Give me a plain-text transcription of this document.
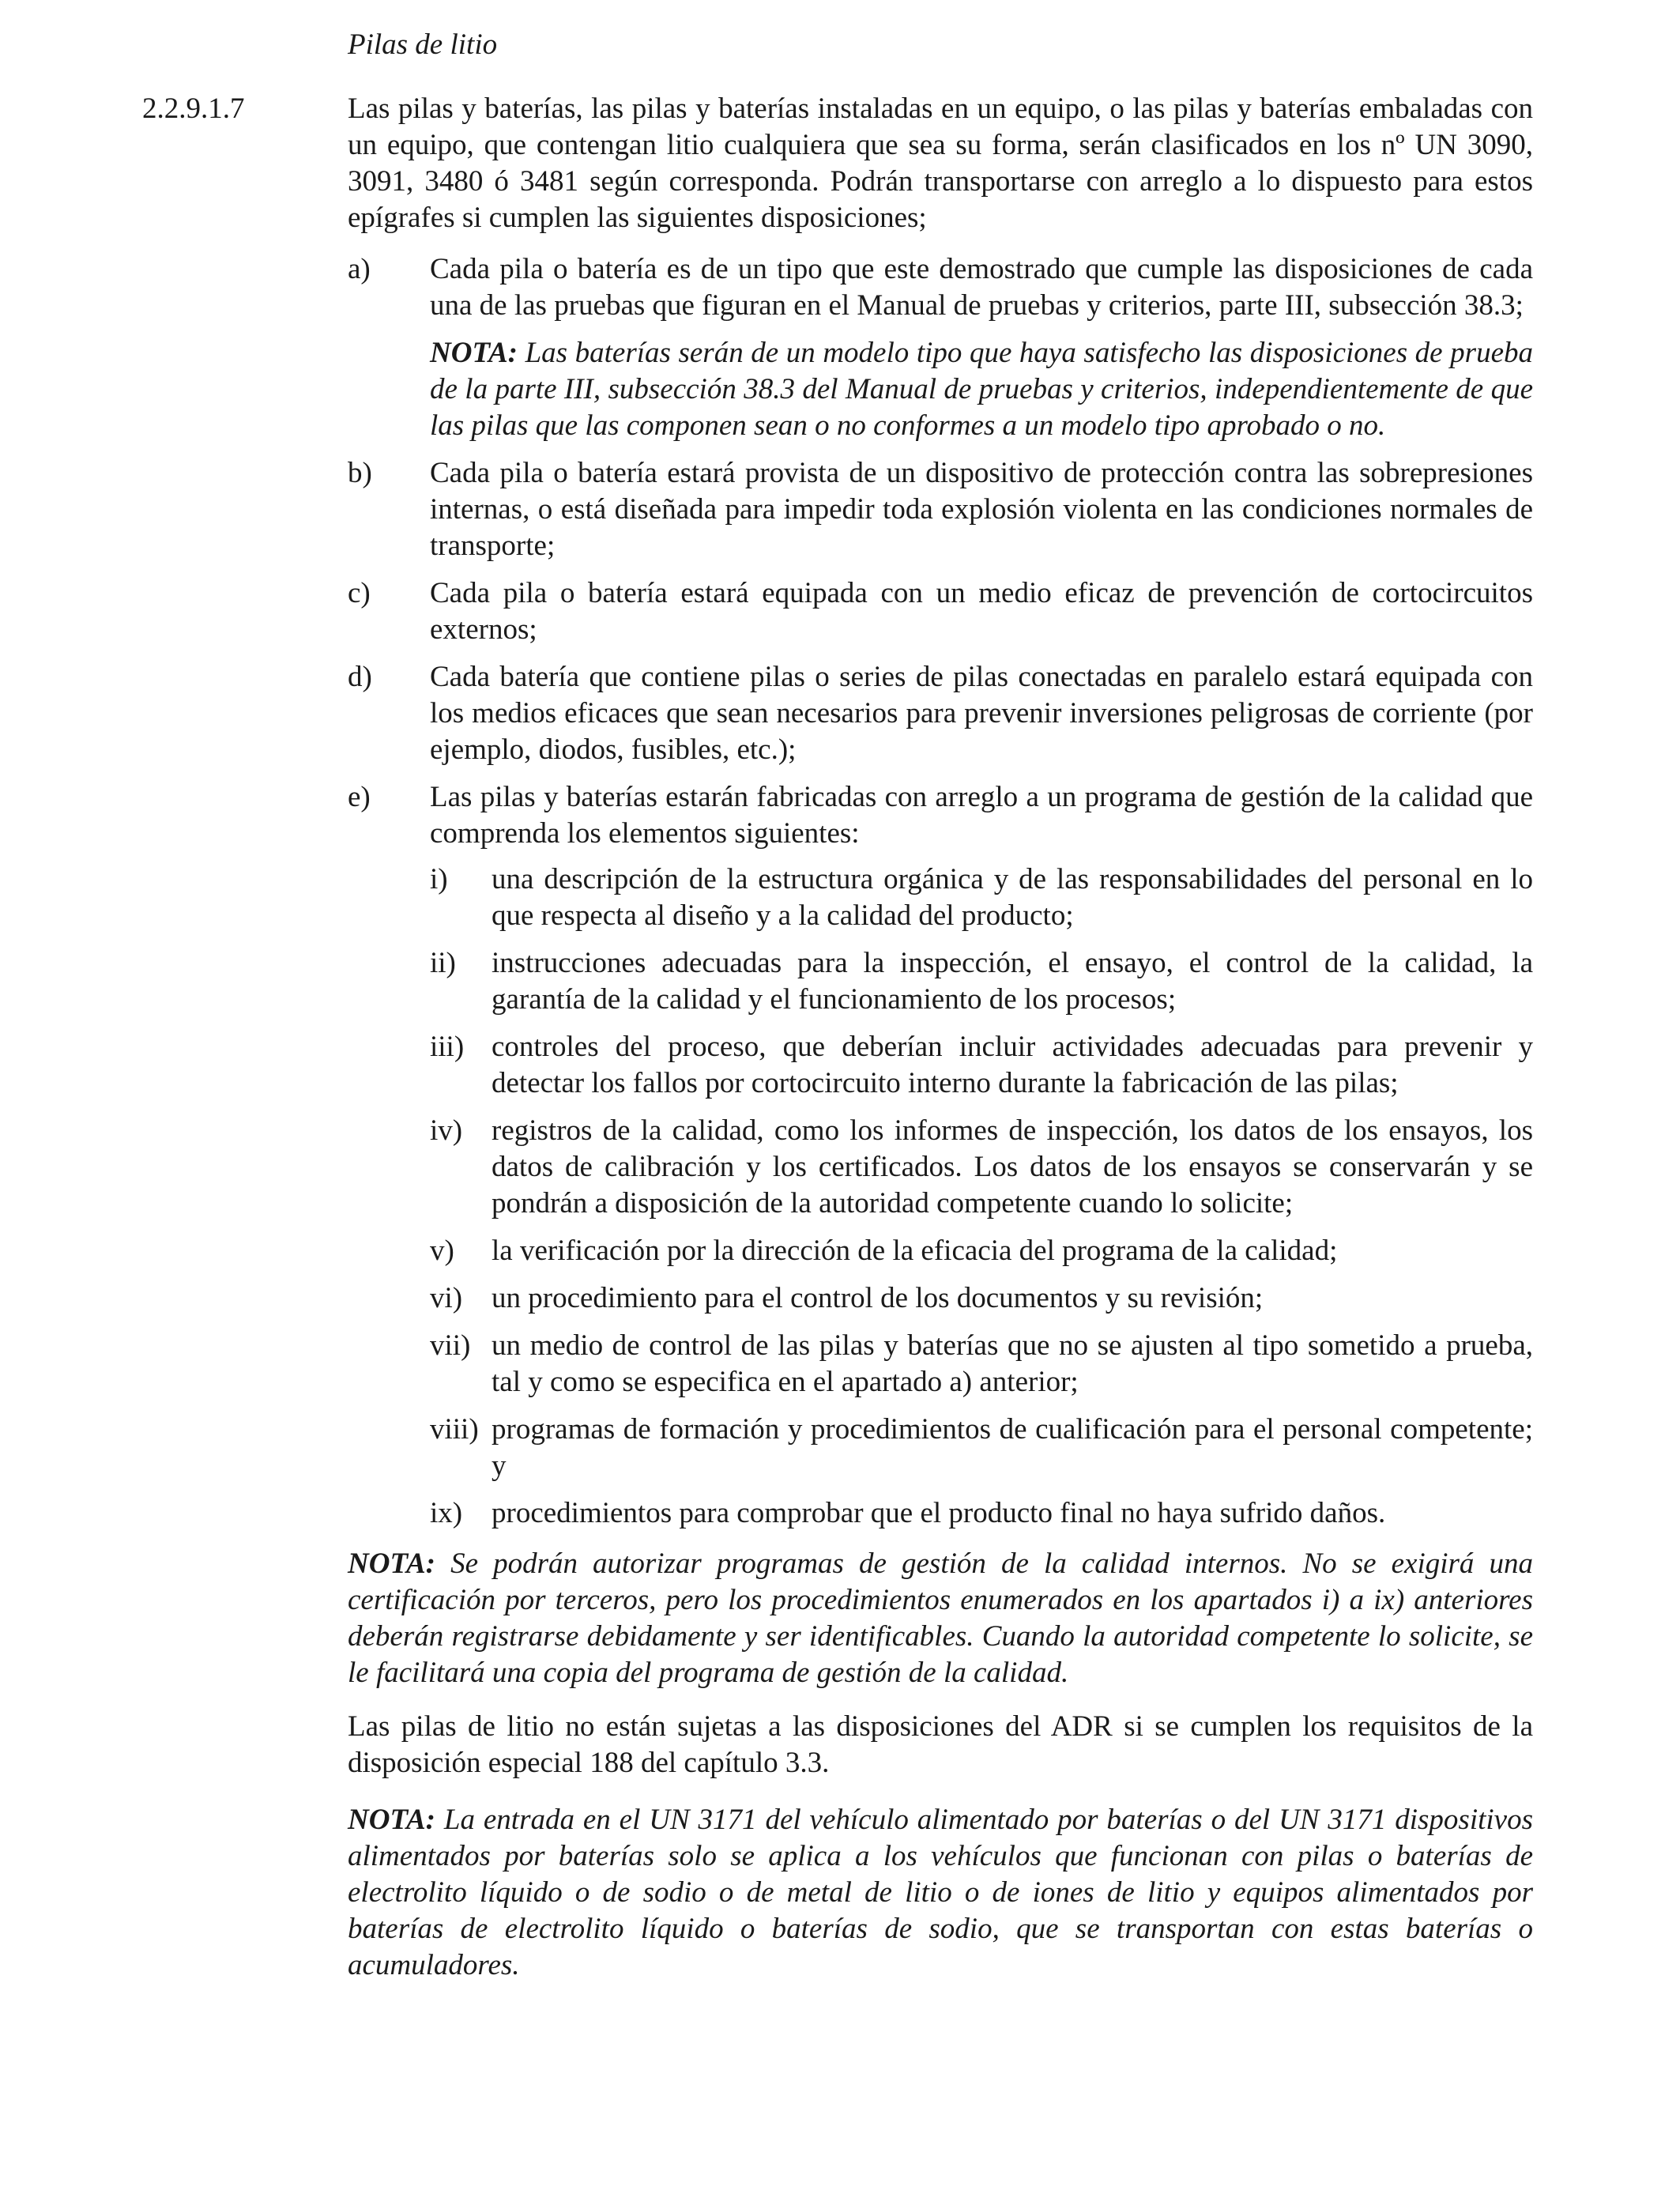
Pilas de litio
2.2.9.1.7	Las pilas y baterías, las pilas y baterías instaladas en un equipo, o las pilas y baterías embaladas con un equipo, que contengan litio cualquiera que sea su forma, serán clasificados en los nº UN 3090, 3091, 3480 ó 3481 según corresponda. Podrán transportarse con arreglo a lo dispuesto para estos epígrafes si cumplen las siguientes disposiciones;
a) Cada pila o batería es de un tipo que este demostrado que cumple las disposiciones de cada una de las pruebas que figuran en el Manual de pruebas y criterios, parte III, subsección 38.3;
NOTA: Las baterías serán de un modelo tipo que haya satisfecho las disposiciones de prueba de la parte III, subsección 38.3 del Manual de pruebas y criterios, independientemente de que las pilas que las componen sean o no conformes a un modelo tipo aprobado o no.
b) Cada pila o batería estará provista de un dispositivo de protección contra las sobrepresiones internas, o está diseñada para impedir toda explosión violenta en las condiciones normales de transporte;
c) Cada pila o batería estará equipada con un medio eficaz de prevención de cortocircuitos externos;
d) Cada batería que contiene pilas o series de pilas conectadas en paralelo estará equipada con los medios eficaces que sean necesarios para prevenir inversiones peligrosas de corriente (por ejemplo, diodos, fusibles, etc.);
e) Las pilas y baterías estarán fabricadas con arreglo a un programa de gestión de la calidad que comprenda los elementos siguientes:
i) una descripción de la estructura orgánica y de las responsabilidades del personal en lo que respecta al diseño y a la calidad del producto;
ii) instrucciones adecuadas para la inspección, el ensayo, el control de la calidad, la garantía de la calidad y el funcionamiento de los procesos;
iii) controles del proceso, que deberían incluir actividades adecuadas para prevenir y detectar los fallos por cortocircuito interno durante la fabricación de las pilas;
iv) registros de la calidad, como los informes de inspección, los datos de los ensayos, los datos de calibración y los certificados. Los datos de los ensayos se conservarán y se pondrán a disposición de la autoridad competente cuando lo solicite;
v) la verificación por la dirección de la eficacia del programa de la calidad;
vi) un procedimiento para el control de los documentos y su revisión;
vii) un medio de control de las pilas y baterías que no se ajusten al tipo sometido a prueba, tal y como se especifica en el apartado a) anterior;
viii) programas de formación y procedimientos de cualificación para el personal competente; y
ix) procedimientos para comprobar que el producto final no haya sufrido daños.
NOTA: Se podrán autorizar programas de gestión de la calidad internos. No se exigirá una certificación por terceros, pero los procedimientos enumerados en los apartados i) a ix) anteriores deberán registrarse debidamente y ser identificables. Cuando la autoridad competente lo solicite, se le facilitará una copia del programa de gestión de la calidad.
Las pilas de litio no están sujetas a las disposiciones del ADR si se cumplen los requisitos de la disposición especial 188 del capítulo 3.3.
NOTA: La entrada en el UN 3171 del vehículo alimentado por baterías o del UN 3171 dispositivos alimentados por baterías solo se aplica a los vehículos que funcionan con pilas o baterías de electrolito líquido o de sodio o de metal de litio o de iones de litio y equipos alimentados por baterías de electrolito líquido o baterías de sodio, que se transportan con estas baterías o acumuladores.
